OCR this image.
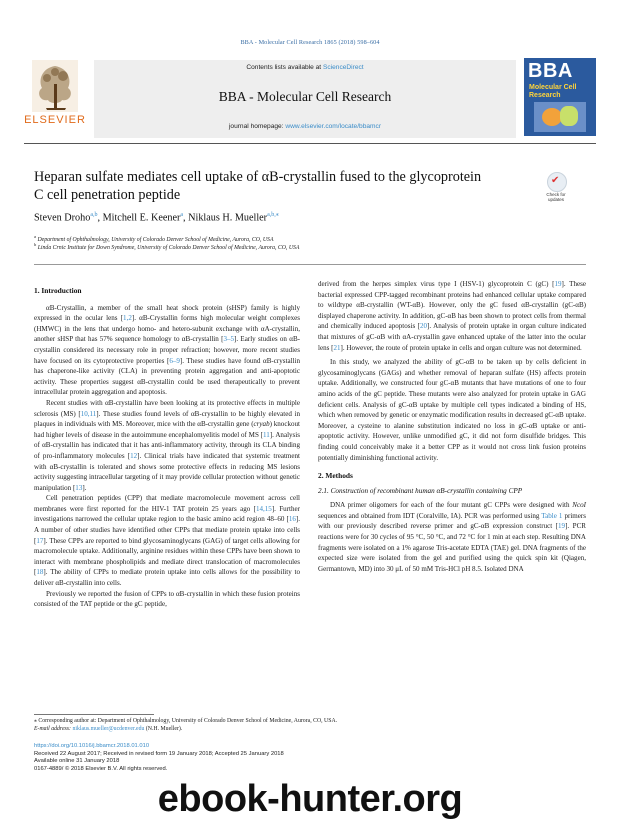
BBA - Molecular Cell Research 1865 (2018) 598–604
ELSEVIER
Contents lists available at ScienceDirect
BBA - Molecular Cell Research
journal homepage: www.elsevier.com/locate/bbamcr
BBA
Molecular Cell Research
Heparan sulfate mediates cell uptake of αB-crystallin fused to the glycoprotein C cell penetration peptide
✔
Check for updates
Steven Droho$^{a,b}$, Mitchell E. Keener$^a$, Niklaus H. Mueller$^{a,b,⁎}$
$^a$ Department of Ophthalmology, University of Colorado Denver School of Medicine, Aurora, CO, USA
$^b$ Linda Crnic Institute for Down Syndrome, University of Colorado Denver School of Medicine, Aurora, CO, USA
1. Introduction

αB-Crystallin, a member of the small heat shock protein (sHSP) family is highly expressed in the ocular lens [1,2]. αB-Crystallin forms high molecular weight complexes (HMWC) in the lens that undergo homo- and hetero-subunit exchange with αA-crystallin, another sHSP that has 57% sequence homology to αB-crystallin [3–5]. Early studies on αB-crystallin considered its necessary role in proper refraction; however, more recent studies have focused on its cytoprotective properties [6–9]. These studies have found αB-crystallin has chaperone-like activity (CLA) in preventing protein aggregation and anti-apoptotic activity. These properties suggest αB-crystallin could be used therapeutically to prevent intracellular protein aggregation and apoptosis.

Recent studies with αB-crystallin have been looking at its protective effects in multiple sclerosis (MS) [10,11]. These studies found levels of αB-crystallin to be highly elevated in plaques in individuals with MS. Moreover, mice with the αB-crystallin gene (cryab) knockout had higher levels of disease in the autoimmune encephalomyelitis model of MS [11]. Analysis of αB-crystallin has indicated that it has anti-inflammatory activity, through its CLA binding of pro-inflammatory molecules [12]. Clinical trials have indicated that systemic treatment with αB-crystallin is tolerated and shows some protective effects in reducing MS lesions activity suggesting intracellular targeting of it may provide cellular protection without genetic manipulation [13].

Cell penetration peptides (CPP) that mediate macromolecule movement across cell membranes were first reported for the HIV-1 TAT protein 25 years ago [14,15]. Further investigations narrowed the cellular uptake region to the basic amino acid region 48–60 [16]. A number of other studies have identified other CPPs that mediate protein uptake into cells [17]. These CPPs are reported to bind glycosaminoglycans (GAG) of target cells allowing for macromolecule uptake. Additionally, arginine residues within these CPPs have been shown to interact with membrane phospholipids and mediate direct translocation of macromolecules [18]. The ability of CPPs to mediate protein uptake into cells allows for the possibility to deliver αB-crystallin into cells.

Previously we reported the fusion of CPPs to αB-crystallin in which these fusion proteins consisted of the TAT peptide or the gC peptide,

derived from the herpes simplex virus type I (HSV-1) glycoprotein C (gC) [19]. These bacterial expressed CPP-tagged recombinant proteins had enhanced cellular uptake compared to wildtype αB-crystallin (WT-αB). However, only the gC fused αB-crystallin (gC-αB) displayed chaperone activity. In addition, gC-αB has been shown to protect cells from thermal and chemically induced apoptosis [20]. Analysis of protein uptake in organ culture indicated that mixtures of gC-αB with αA-crystallin gave enhanced uptake of the latter into the ocular lens [21]. However, the route of protein uptake in cells and organ culture was not determined.

In this study, we analyzed the ability of gC-αB to be taken up by cells deficient in glycosaminoglycans (GAGs) and whether removal of heparan sulfate (HS) affects protein uptake. Additionally, we constructed four gC-αB mutants that have mutations of one to four amino acids of the gC peptide. These mutants were also analyzed for protein uptake in GAG deficient cells. Analysis of gC-αB uptake by multiple cell types indicated a binding of HS, which when removed by genetic or enzymatic modification results in decreased gC-αB uptake. Moreover, a cysteine to alanine substitution indicated no loss in gC-αB uptake or anti-apoptotic activity. However, unlike unmodified gC, it did not form disulfide bridges. This finding could conceivably make it a better CPP as it would not cross link fusion proteins potentially diminishing functional activity.

2. Methods
2.1. Construction of recombinant human αB-crystallin containing CPP

DNA primer oligomers for each of the four mutant gC CPPs were designed with NcoI sequences and obtained from IDT (Coralville, IA). PCR was performed using Table 1 primers with our previously described reverse primer and gC-αB expression construct [19]. PCR reactions were for 30 cycles of 95 °C, 50 °C, and 72 °C for 1 min at each step. Resulting DNA fragments were isolated on a 1% agarose Tris-acetate EDTA (TAE) gel. DNA fragments of the expected size were isolated from the gel and purified using the quick spin kit (Qiagen, Germantown, MD) into 30 μL of 50 mM Tris-HCl pH 8.5. Isolated DNA

⁎ Corresponding author at: Department of Ophthalmology, University of Colorado Denver School of Medicine, Aurora, CO, USA.
E-mail address: niklaus.mueller@ucdenver.edu (N.H. Mueller).
https://doi.org/10.1016/j.bbamcr.2018.01.010
Received 22 August 2017; Received in revised form 19 January 2018; Accepted 25 January 2018
Available online 31 January 2018
0167-4889/ © 2018 Elsevier B.V. All rights reserved.
ebook-hunter.org
